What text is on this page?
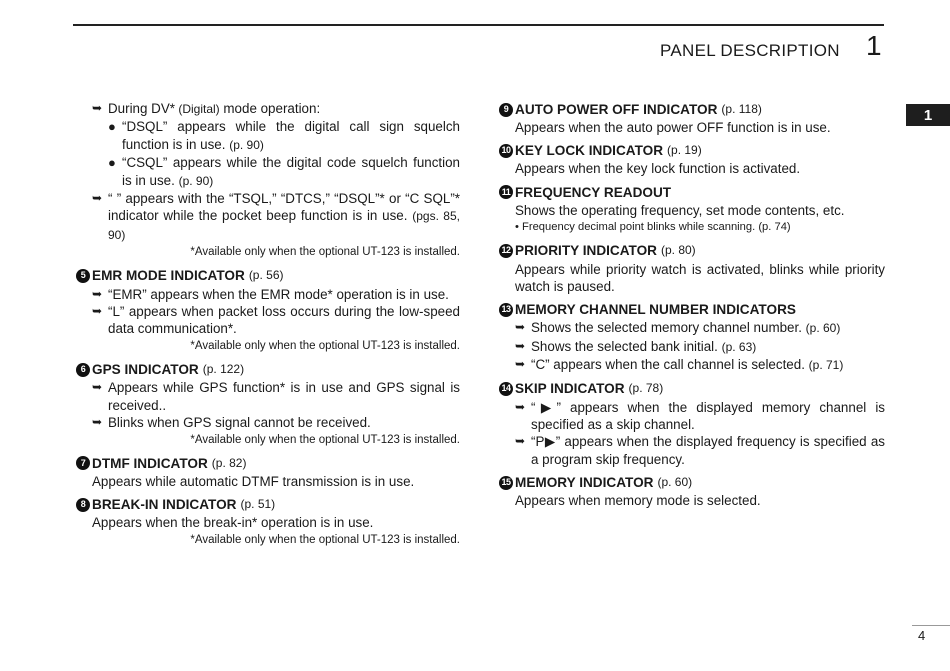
PANEL DESCRIPTION 1
1
➥ During DV* (Digital) mode operation:
● “DSQL” appears while the digital call sign squelch function is in use. (p. 90)
● “CSQL” appears while the digital code squelch function is in use. (p. 90)
➥ “ ” appears with the “TSQL,” “DTCS,” “DSQL”* or “C SQL”* indicator while the pocket beep function is in use. (pgs. 85, 90)
*Available only when the optional UT-123 is installed.
5 EMR MODE INDICATOR (p. 56)
➥ “EMR” appears when the EMR mode* operation is in use.
➥ “L” appears when packet loss occurs during the low-speed data communication*.
*Available only when the optional UT-123 is installed.
6 GPS INDICATOR (p. 122)
➥ Appears while GPS function* is in use and GPS signal is received..
➥ Blinks when GPS signal cannot be received.
*Available only when the optional UT-123 is installed.
7 DTMF INDICATOR (p. 82)
Appears while automatic DTMF transmission is in use.
8 BREAK-IN INDICATOR (p. 51)
Appears when the break-in* operation is in use.
*Available only when the optional UT-123 is installed.
9 AUTO POWER OFF INDICATOR (p. 118)
Appears when the auto power OFF function is in use.
10 KEY LOCK INDICATOR (p. 19)
Appears when the key lock function is activated.
11 FREQUENCY READOUT
Shows the operating frequency, set mode contents, etc.
• Frequency decimal point blinks while scanning. (p. 74)
12 PRIORITY INDICATOR (p. 80)
Appears while priority watch is activated, blinks while priority watch is paused.
13 MEMORY CHANNEL NUMBER INDICATORS
➥ Shows the selected memory channel number. (p. 60)
➥ Shows the selected bank initial. (p. 63)
➥ “C” appears when the call channel is selected. (p. 71)
14 SKIP INDICATOR (p. 78)
➥ “▶” appears when the displayed memory channel is specified as a skip channel.
➥ “P▶” appears when the displayed frequency is specified as a program skip frequency.
15 MEMORY INDICATOR (p. 60)
Appears when memory mode is selected.
4
